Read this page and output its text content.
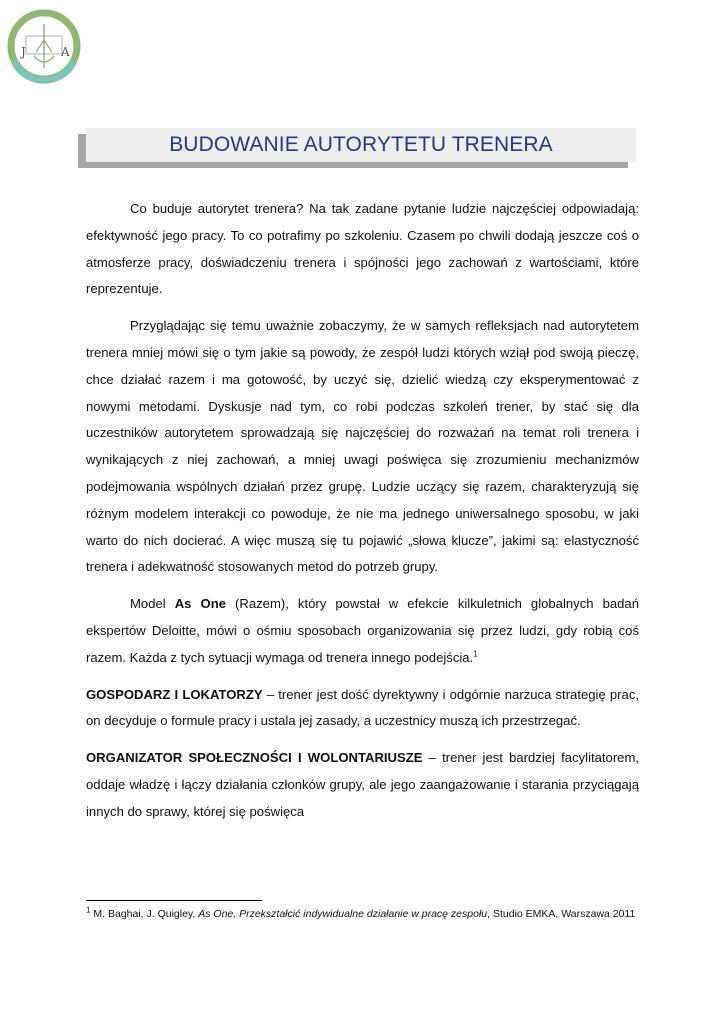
TRZEBIŃSK
J	A
BUDOWANIE AUTORYTETU TRENERA

Co buduje autorytet trenera? Na tak zadane pytanie ludzie najczęściej odpowiadają: efektywność jego pracy. To co potrafimy po szkoleniu. Czasem po chwili dodają jeszcze coś o atmosferze pracy, doświadczeniu trenera i spójności jego zachowań z wartościami, które reprezentuje.

Przyglądając się temu uważnie zobaczymy, że w samych refleksjach nad autorytetem trenera mniej mówi się o tym jakie są powody, że zespół ludzi których wziął pod swoją pieczę, chce działać razem i ma gotowość, by uczyć się, dzielić wiedzą czy eksperymentować z nowymi metodami. Dyskusje nad tym, co robi podczas szkoleń trener, by stać się dla uczestników autorytetem sprowadzają się najczęściej do rozważań na temat roli trenera i wynikających z niej zachowań, a mniej uwagi poświęca się zrozumieniu mechanizmów podejmowania wspólnych działań przez grupę. Ludzie uczący się razem, charakteryzują się różnym modelem interakcji co powoduje, że nie ma jednego uniwersalnego sposobu, w jaki warto do nich docierać. A więc muszą się tu pojawić „słowa klucze”, jakimi są: elastyczność trenera i adekwatność stosowanych metod do potrzeb grupy.

Model As One (Razem), który powstał w efekcie kilkuletnich globalnych badań ekspertów Deloitte, mówi o ośmiu sposobach organizowania się przez ludzi, gdy robią coś razem. Każda z tych sytuacji wymaga od trenera innego podejścia.$^1$

GOSPODARZ I LOKATORZY – trener jest dość dyrektywny i odgórnie narzuca strategię prac, on decyduje o formule pracy i ustala jej zasady, a uczestnicy muszą ich przestrzegać.

ORGANIZATOR SPOŁECZNOŚCI I WOLONTARIUSZE – trener jest bardziej facylitatorem, oddaje władzę i łączy działania członków grupy, ale jego zaangażowanie i starania przyciągają innych do sprawy, której się poświęca

$^1$ M. Baghai, J. Quigley, As One, Przekształcić indywidualne działanie w pracę zespołu, Studio EMKA, Warszawa 2011
